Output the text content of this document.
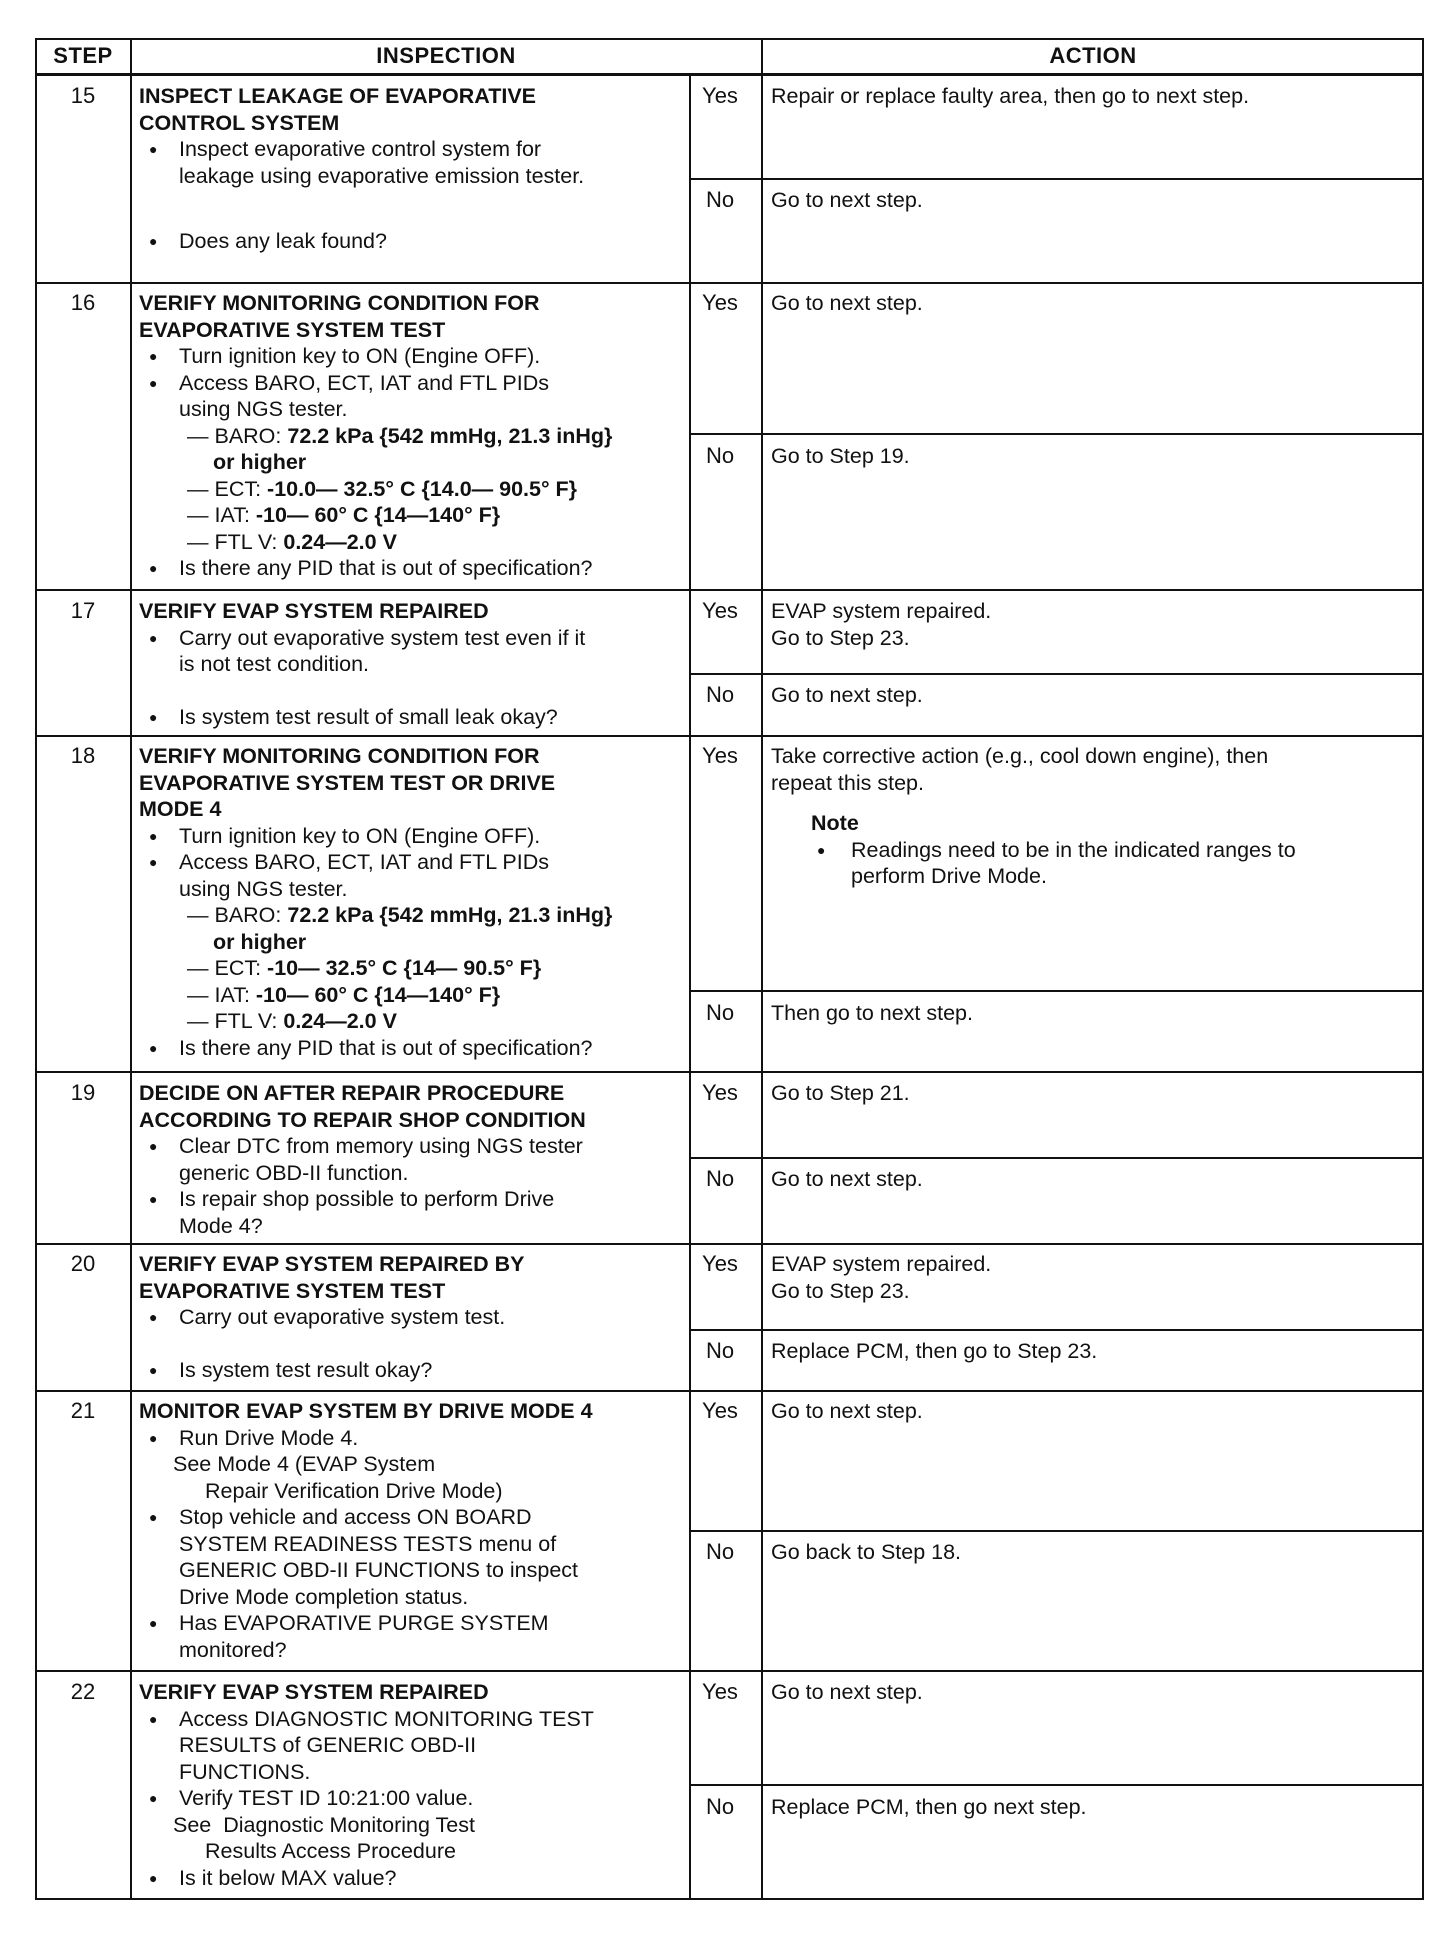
STEP	INSPECTION	ACTION
15	INSPECT LEAKAGE OF EVAPORATIVE
CONTROL SYSTEM
● Inspect evaporative control system for
leakage using evaporative emission tester.
● Does any leak found?
Yes	Repair or replace faulty area, then go to next step.
No	Go to next step.
16	VERIFY MONITORING CONDITION FOR
EVAPORATIVE SYSTEM TEST
● Turn ignition key to ON (Engine OFF).
● Access BARO, ECT, IAT and FTL PIDs
using NGS tester.
— BARO: 72.2 kPa {542 mmHg, 21.3 inHg}
or higher
— ECT: -10.0— 32.5° C {14.0— 90.5° F}
— IAT: -10— 60° C {14—140° F}
— FTL V: 0.24—2.0 V
● Is there any PID that is out of specification?
Yes	Go to next step.
No	Go to Step 19.
17	VERIFY EVAP SYSTEM REPAIRED
● Carry out evaporative system test even if it
is not test condition.
● Is system test result of small leak okay?
Yes	EVAP system repaired.
Go to Step 23.
No	Go to next step.
18	VERIFY MONITORING CONDITION FOR
EVAPORATIVE SYSTEM TEST OR DRIVE
MODE 4
● Turn ignition key to ON (Engine OFF).
● Access BARO, ECT, IAT and FTL PIDs
using NGS tester.
— BARO: 72.2 kPa {542 mmHg, 21.3 inHg}
or higher
— ECT: -10— 32.5° C {14— 90.5° F}
— IAT: -10— 60° C {14—140° F}
— FTL V: 0.24—2.0 V
● Is there any PID that is out of specification?
Yes	Take corrective action (e.g., cool down engine), then
repeat this step.
Note
● Readings need to be in the indicated ranges to
perform Drive Mode.
No	Then go to next step.
19	DECIDE ON AFTER REPAIR PROCEDURE
ACCORDING TO REPAIR SHOP CONDITION
● Clear DTC from memory using NGS tester
generic OBD-II function.
● Is repair shop possible to perform Drive
Mode 4?
Yes	Go to Step 21.
No	Go to next step.
20	VERIFY EVAP SYSTEM REPAIRED BY
EVAPORATIVE SYSTEM TEST
● Carry out evaporative system test.
● Is system test result okay?
Yes	EVAP system repaired.
Go to Step 23.
No	Replace PCM, then go to Step 23.
21	MONITOR EVAP SYSTEM BY DRIVE MODE 4
● Run Drive Mode 4.
See Mode 4 (EVAP System
Repair Verification Drive Mode)
● Stop vehicle and access ON BOARD
SYSTEM READINESS TESTS menu of
GENERIC OBD-II FUNCTIONS to inspect
Drive Mode completion status.
● Has EVAPORATIVE PURGE SYSTEM
monitored?
Yes	Go to next step.
No	Go back to Step 18.
22	VERIFY EVAP SYSTEM REPAIRED
● Access DIAGNOSTIC MONITORING TEST
RESULTS of GENERIC OBD-II
FUNCTIONS.
● Verify TEST ID 10:21:00 value.
See  Diagnostic Monitoring Test
Results Access Procedure
● Is it below MAX value?
Yes	Go to next step.
No	Replace PCM, then go next step.
